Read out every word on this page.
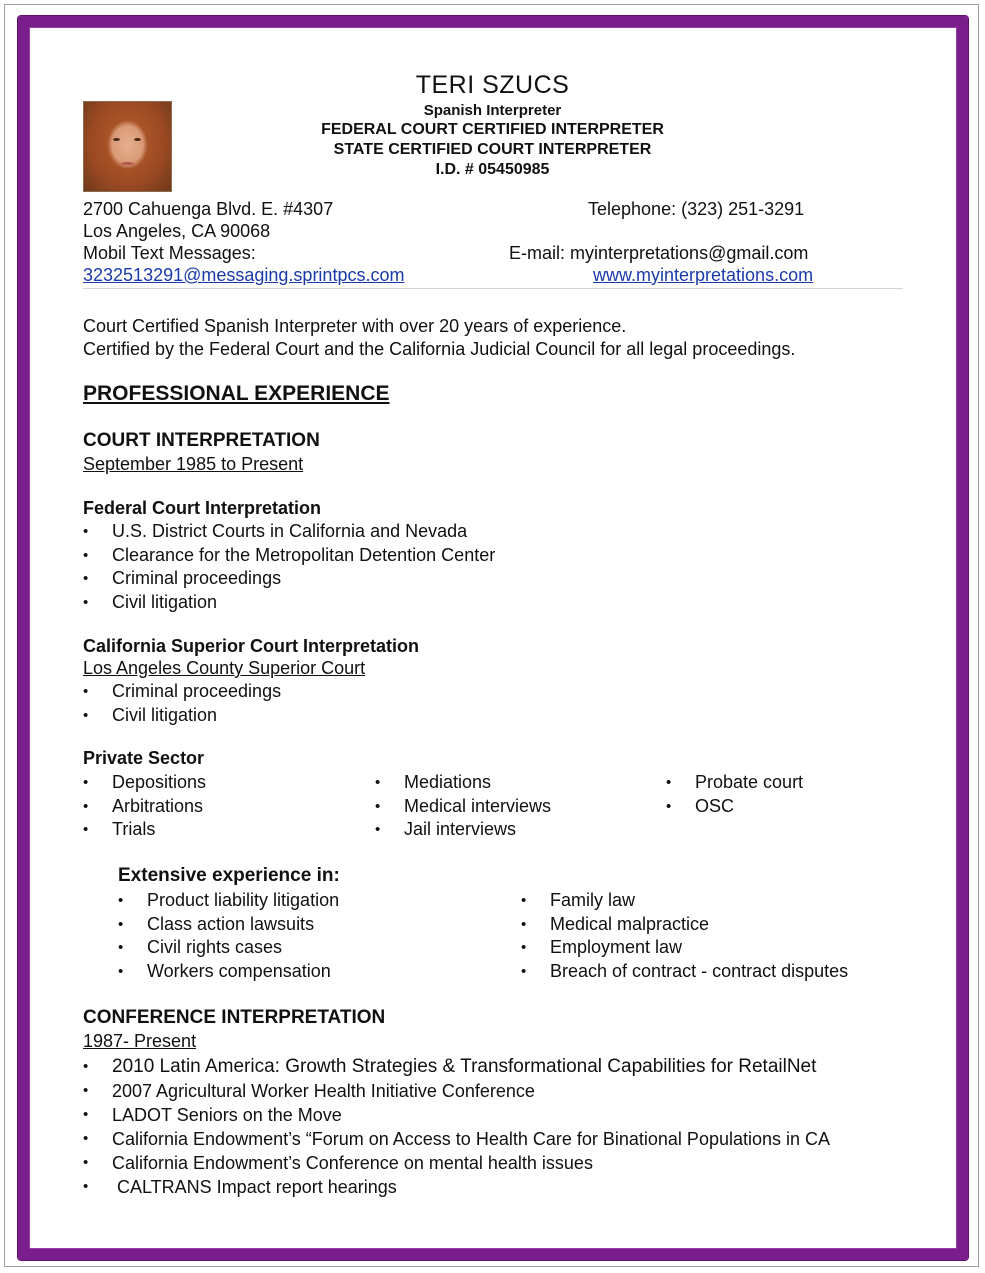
TERI SZUCS
Spanish Interpreter
FEDERAL COURT CERTIFIED INTERPRETER
STATE CERTIFIED COURT INTERPRETER
I.D. # 05450985
2700 Cahuenga Blvd. E. #4307
Los Angeles, CA 90068
Mobil Text Messages:
3232513291@messaging.sprintpcs.com
Telephone: (323) 251-3291
E-mail: myinterpretations@gmail.com
www.myinterpretations.com
Court Certified Spanish Interpreter with over 20 years of experience.
Certified by the Federal Court and the California Judicial Council for all legal proceedings.
PROFESSIONAL EXPERIENCE
COURT INTERPRETATION
September 1985 to Present
Federal Court Interpretation
• U.S. District Courts in California and Nevada
• Clearance for the Metropolitan Detention Center
• Criminal proceedings
• Civil litigation
California Superior Court Interpretation
Los Angeles County Superior Court
• Criminal proceedings
• Civil litigation
Private Sector
• Depositions
• Arbitrations
• Trials
• Mediations
• Medical interviews
• Jail interviews
• Probate court
• OSC
Extensive experience in:
• Product liability litigation
• Class action lawsuits
• Civil rights cases
• Workers compensation
• Family law
• Medical malpractice
• Employment law
• Breach of contract - contract disputes
CONFERENCE INTERPRETATION
1987- Present
• 2010 Latin America: Growth Strategies & Transformational Capabilities for RetailNet
• 2007 Agricultural Worker Health Initiative Conference
• LADOT Seniors on the Move
• California Endowment’s “Forum on Access to Health Care for Binational Populations in CA
• California Endowment’s Conference on mental health issues
•  CALTRANS Impact report hearings
